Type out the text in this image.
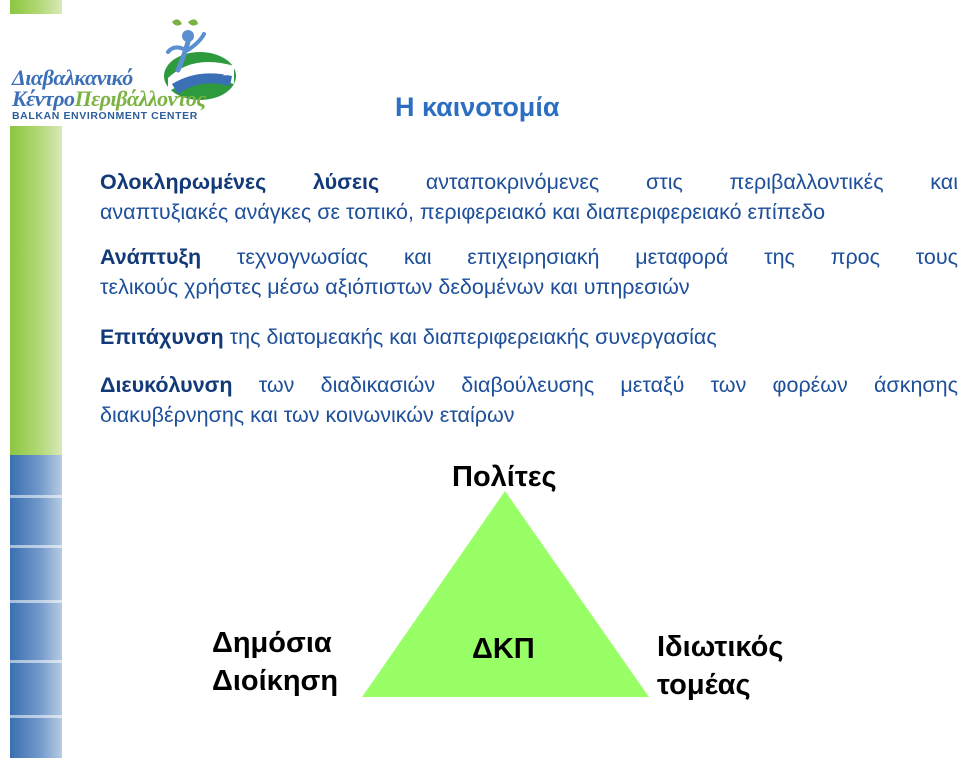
★ ★ ★
Διαβαλκανικό
ΚέντροΠεριβάλλοντος
BALKAN ENVIRONMENT CENTER	Η καινοτομία
Ολοκληρωμένες λύσεις ανταποκρινόμενες στις περιβαλλοντικές και
αναπτυξιακές ανάγκες σε τοπικό, περιφερειακό και διαπεριφερειακό επίπεδο
Ανάπτυξη τεχνογνωσίας και επιχειρησιακή μεταφορά της προς τους
τελικούς χρήστες μέσω αξιόπιστων δεδομένων και υπηρεσιών
Επιτάχυνση της διατομεακής και διαπεριφερειακής συνεργασίας
Διευκόλυνση των διαδικασιών διαβούλευσης μεταξύ των φορέων άσκησης
διακυβέρνησης και των κοινωνικών εταίρων
Πολίτες
Δημόσια
Διοίκηση
ΔΚΠ	Ιδιωτικός
τομέας
